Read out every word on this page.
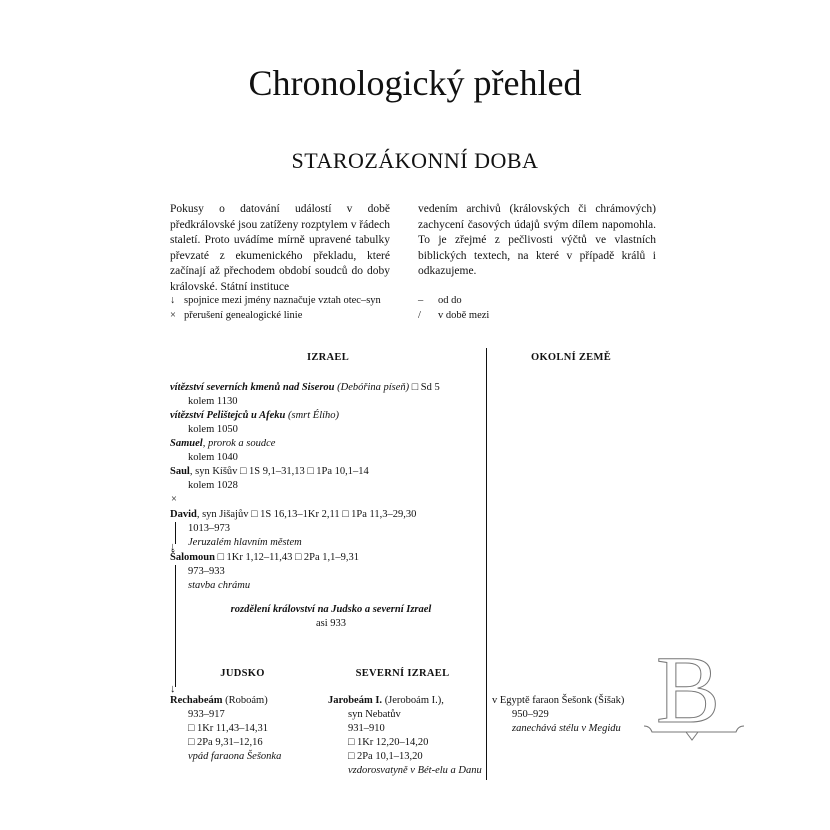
Chronologický přehled
STAROZÁKONNÍ DOBA
Pokusy o datování událostí v době předkrálovské jsou zatíženy rozptylem v řádech staletí. Proto uvádíme mírně upravené tabulky převzaté z ekumenického překladu, které začínají až přechodem období soudců do doby královské. Státní instituce
vedením archivů (královských či chrámových) zachycení časových údajů svým dílem napomohla. To je zřejmé z pečlivosti výčtů ve vlastních biblických textech, na které v případě králů i odkazujeme.
↓ spojnice mezi jmény naznačuje vztah otec–syn
× přerušení genealogické linie
– od do
/ v době mezi
IZRAEL	OKOLNÍ ZEMĚ
vítězství severních kmenů nad Siserou (Debóřina píseň) □ Sd 5
kolem 1130
vítězství Pelištejců u Afeku (smrt Élího)
kolem 1050
Samuel, prorok a soudce
kolem 1040
Saul, syn Kíšův □ 1S 9,1–31,13 □ 1Pa 10,1–14
kolem 1028
×
David, syn Jišajův □ 1S 16,13–1Kr 2,11 □ 1Pa 11,3–29,30
1013–973
Jeruzalém hlavním městem
↓
Šalomoun □ 1Kr 1,12–11,43 □ 2Pa 1,1–9,31
973–933
stavba chrámu
rozdělení království na Judsko a severní Izrael
asi 933
↓
JUDSKO	SEVERNÍ IZRAEL
Rechabeám (Roboám)
933–917
□ 1Kr 11,43–14,31
□ 2Pa 9,31–12,16
vpád faraona Šešonka
Jarobeám I. (Jeroboám I.),
syn Nebatův
931–910
□ 1Kr 12,20–14,20
□ 2Pa 10,1–13,20
vzdorosvatyně v Bét-elu a Danu
v Egyptě faraon Šešonk (Šíšak)
950–929
zanechává stélu v Megidu B
